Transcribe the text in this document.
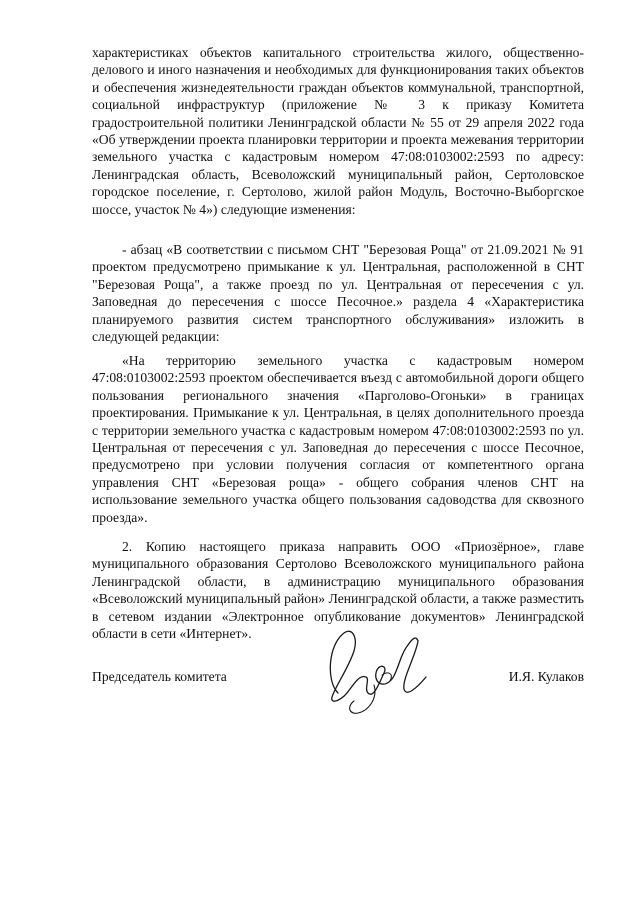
характеристиках объектов капитального строительства жилого, общественно-делового и иного назначения и необходимых для функционирования таких объектов и обеспечения жизнедеятельности граждан объектов коммунальной, транспортной, социальной инфраструктур (приложение № 3 к приказу Комитета градостроительной политики Ленинградской области № 55 от 29 апреля 2022 года «Об утверждении проекта планировки территории и проекта межевания территории земельного участка с кадастровым номером 47:08:0103002:2593 по адресу: Ленинградская область, Всеволожский муниципальный район, Сертоловское городское поселение, г. Сертолово, жилой район Модуль, Восточно-Выборгское шоссе, участок № 4») следующие изменения:

- абзац «В соответствии с письмом СНТ "Березовая Роща" от 21.09.2021 № 91 проектом предусмотрено примыкание к ул. Центральная, расположенной в СНТ "Березовая Роща", а также проезд по ул. Центральная от пересечения с ул. Заповедная до пересечения с шоссе Песочное.» раздела 4 «Характеристика планируемого развития систем транспортного обслуживания» изложить в следующей редакции:

«На территорию земельного участка с кадастровым номером 47:08:0103002:2593 проектом обеспечивается въезд с автомобильной дороги общего пользования регионального значения «Парголово-Огоньки» в границах проектирования. Примыкание к ул. Центральная, в целях дополнительного проезда с территории земельного участка с кадастровым номером 47:08:0103002:2593 по ул. Центральная от пересечения с ул. Заповедная до пересечения с шоссе Песочное, предусмотрено при условии получения согласия от компетентного органа управления СНТ «Березовая роща» - общего собрания членов СНТ на использование земельного участка общего пользования садоводства для сквозного проезда».

2. Копию настоящего приказа направить ООО «Приозёрное», главе муниципального образования Сертолово Всеволожского муниципального района Ленинградской области, в администрацию муниципального образования «Всеволожский муниципальный район» Ленинградской области, а также разместить в сетевом издании «Электронное опубликование документов» Ленинградской области в сети «Интернет».

Председатель комитета	И.Я. Кулаков
